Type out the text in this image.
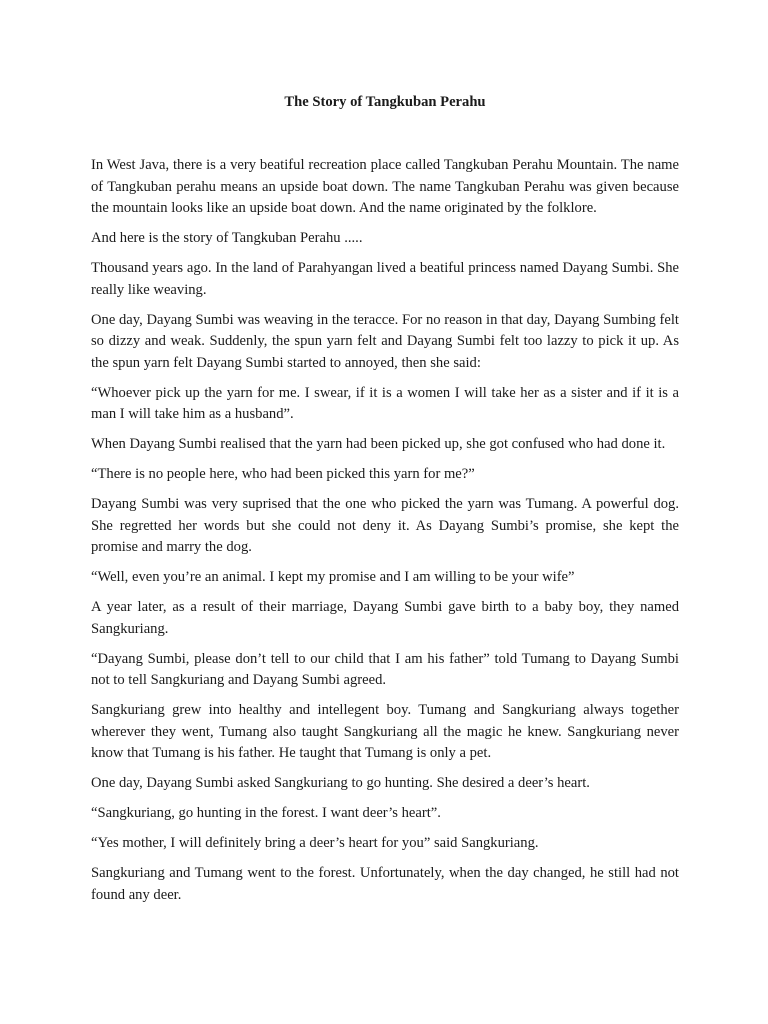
The Story of Tangkuban Perahu

In West Java, there is a very beatiful recreation place called Tangkuban Perahu Mountain. The name of Tangkuban perahu means an upside boat down. The name Tangkuban Perahu was given because the mountain looks like an upside boat down. And the name originated by the folklore.

And here is the story of Tangkuban Perahu .....

Thousand years ago. In the land of Parahyangan lived a beatiful princess named Dayang Sumbi. She really like weaving.

One day, Dayang Sumbi was weaving in the teracce. For no reason in that day, Dayang Sumbing felt so dizzy and weak. Suddenly, the spun yarn felt and Dayang Sumbi felt too lazzy to pick it up. As the spun yarn felt Dayang Sumbi started to annoyed, then she said:

“Whoever pick up the yarn for me. I swear, if it is a women I will take her as a sister and if it is a man I will take him as a husband”.

When Dayang Sumbi realised that the yarn had been picked up, she got confused who had done it.

“There is no people here, who had been picked this yarn for me?”

Dayang Sumbi was very suprised that the one who picked the yarn was Tumang. A powerful dog. She regretted her words but she could not deny it. As Dayang Sumbi’s promise, she kept the promise and marry the dog.

“Well, even you’re an animal. I kept my promise and I am willing to be your wife”

A year later, as a result of their marriage, Dayang Sumbi gave birth to a baby boy, they named Sangkuriang.

“Dayang Sumbi, please don’t tell to our child that I am his father” told Tumang to Dayang Sumbi not to tell Sangkuriang and Dayang Sumbi agreed.

Sangkuriang grew into healthy and intellegent boy. Tumang and Sangkuriang always together wherever they went, Tumang also taught Sangkuriang all the magic he knew. Sangkuriang never know that Tumang is his father. He taught that Tumang is only a pet.

One day, Dayang Sumbi asked Sangkuriang to go hunting. She desired a deer’s heart.

“Sangkuriang, go hunting in the forest. I want deer’s heart”.

“Yes mother, I will definitely bring a deer’s heart for you” said Sangkuriang.

Sangkuriang and Tumang went to the forest. Unfortunately, when the day changed, he still had not found any deer.
